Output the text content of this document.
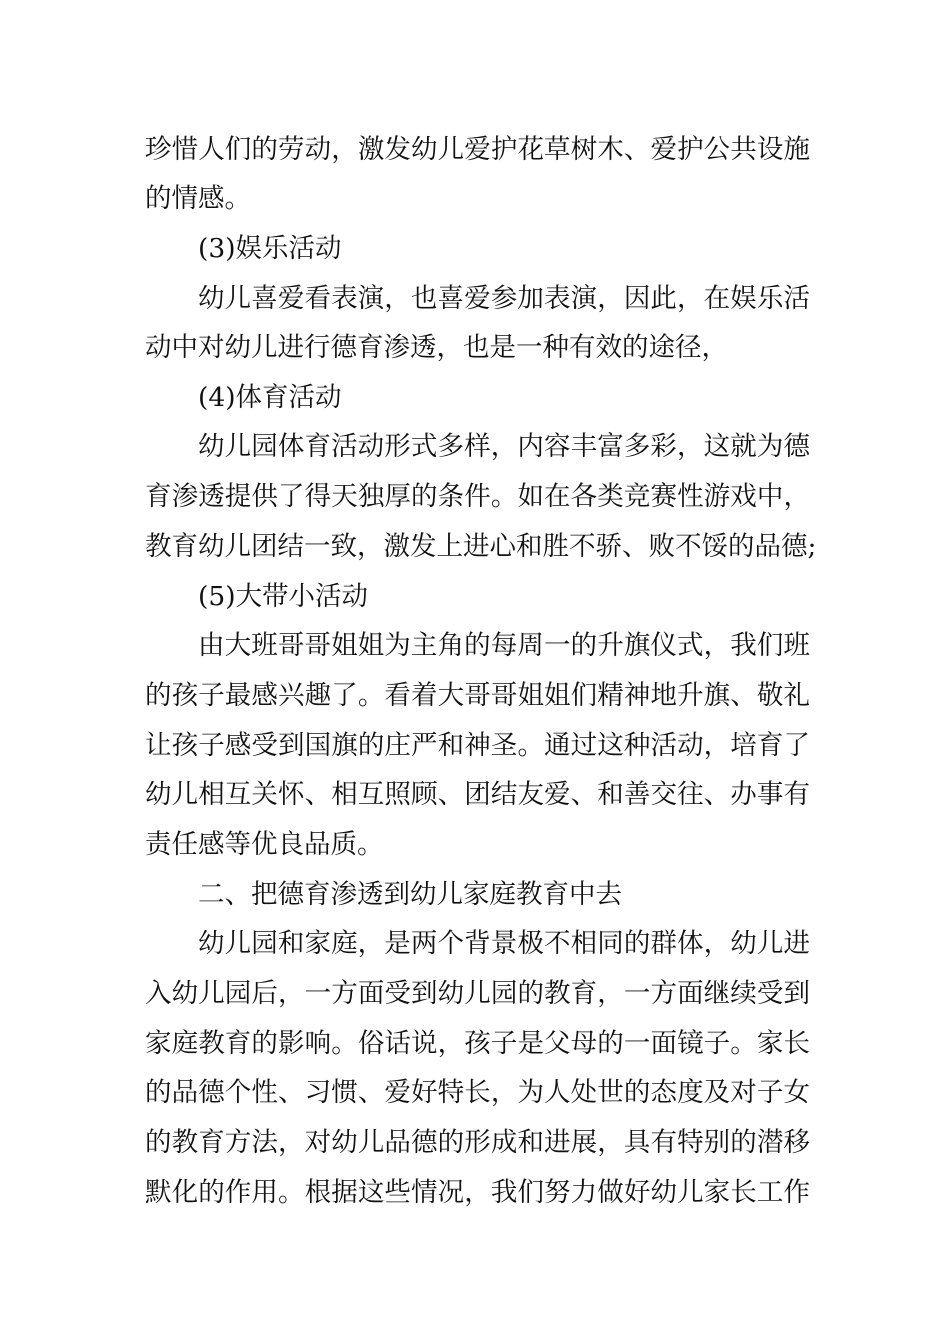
珍惜人们的劳动，激发幼儿爱护花草树木、爱护公共设施
的情感。
(3)娱乐活动
幼儿喜爱看表演，也喜爱参加表演，因此，在娱乐活
动中对幼儿进行德育渗透，也是一种有效的途径，
(4)体育活动
幼儿园体育活动形式多样，内容丰富多彩，这就为德
育渗透提供了得天独厚的条件。如在各类竞赛性游戏中，
教育幼儿团结一致，激发上进心和胜不骄、败不馁的品德;
(5)大带小活动
由大班哥哥姐姐为主角的每周一的升旗仪式，我们班
的孩子最感兴趣了。看着大哥哥姐姐们精神地升旗、敬礼
让孩子感受到国旗的庄严和神圣。通过这种活动，培育了
幼儿相互关怀、相互照顾、团结友爱、和善交往、办事有
责任感等优良品质。
二、把德育渗透到幼儿家庭教育中去
幼儿园和家庭，是两个背景极不相同的群体，幼儿进
入幼儿园后，一方面受到幼儿园的教育，一方面继续受到
家庭教育的影响。俗话说，孩子是父母的一面镜子。家长
的品德个性、习惯、爱好特长，为人处世的态度及对子女
的教育方法，对幼儿品德的形成和进展，具有特别的潜移
默化的作用。根据这些情况，我们努力做好幼儿家长工作
